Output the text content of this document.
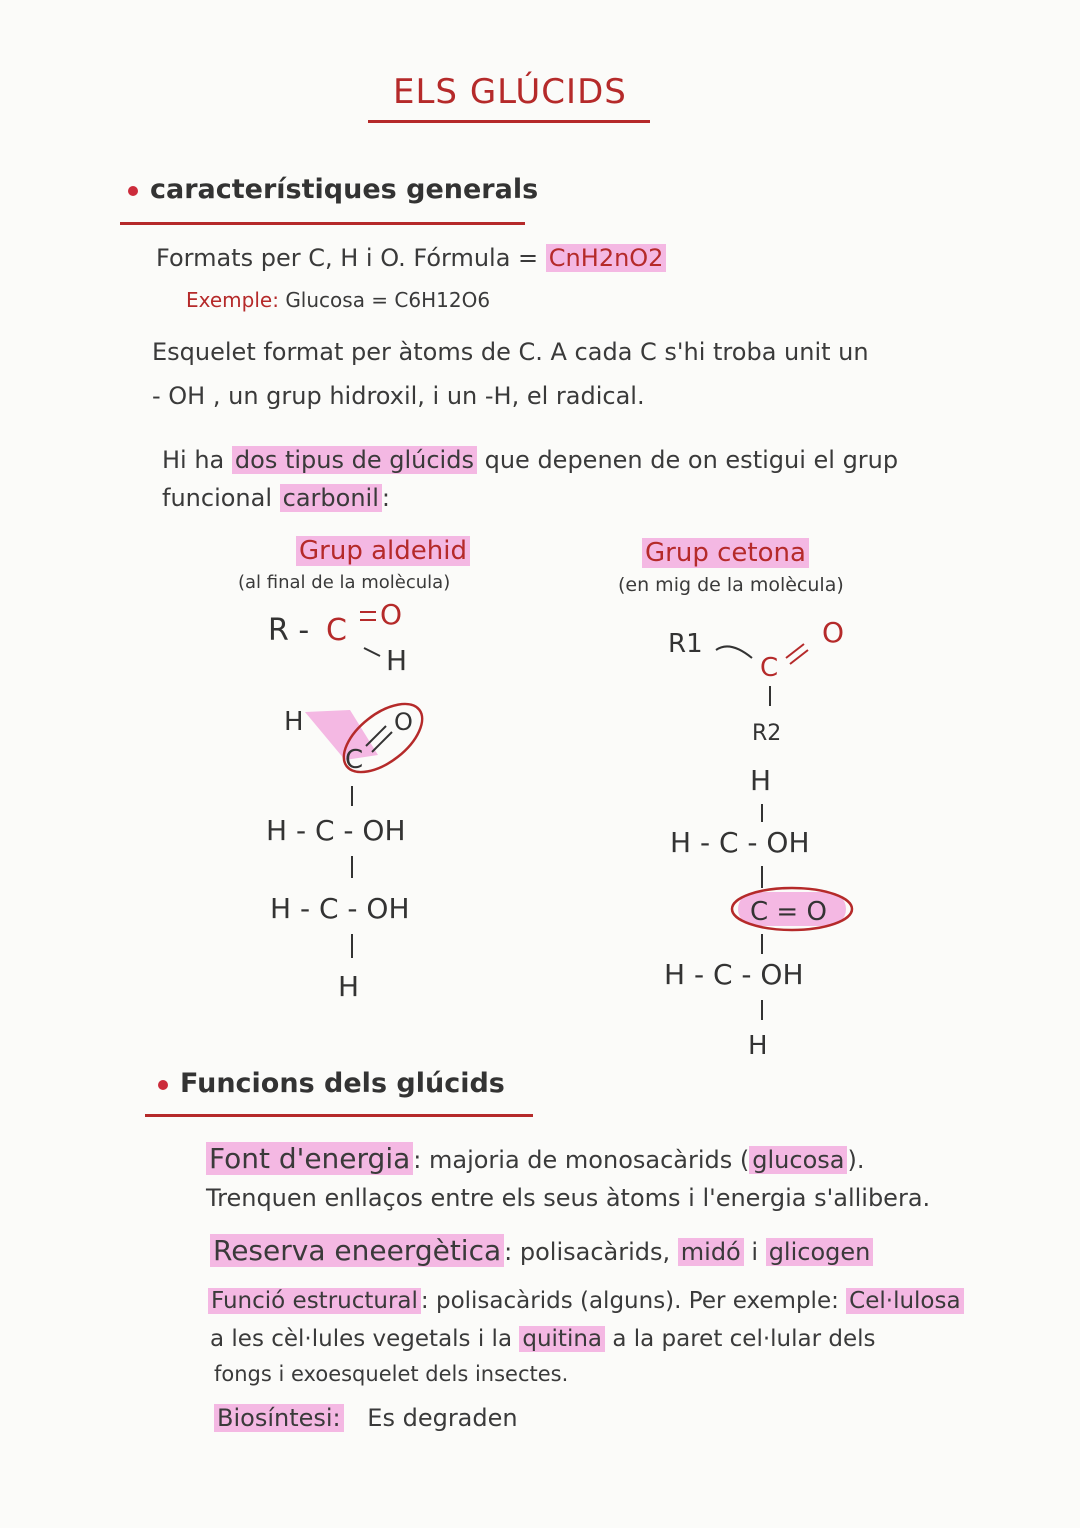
ELS GLÚCIDS
característiques generals
Formats per C, H i O. Fórmula = CnH2nO2
Exemple: Glucosa = C6H12O6
Esquelet format per àtoms de C. A cada C s'hi troba unit un
- OH , un grup hidroxil, i un -H, el radical.
Hi ha dos tipus de glúcids que depenen de on estigui el grup
funcional carbonil :
Grup aldehid
(al final de la molècula)
Grup cetona
(en mig de la molècula)
R - C O
H
H
C
O
H - C - OH
H - C - OH
H
R1
C
O
R2
H
H - C - OH
C = O
H - C - OH
H
Funcions dels glúcids
Font d'energia : majoria de monosacàrids ( glucosa ).
Trenquen enllaços entre els seus àtoms i l'energia s'allibera.
Reserva eneergètica : polisacàrids, midó i glicogen
Funció estructural : polisacàrids (alguns). Per exemple: Cel·lulosa
a les cèl·lules vegetals i la quitina a la paret cel·lular dels
fongs i exoesquelet dels insectes.
Biosíntesi: Es degraden
